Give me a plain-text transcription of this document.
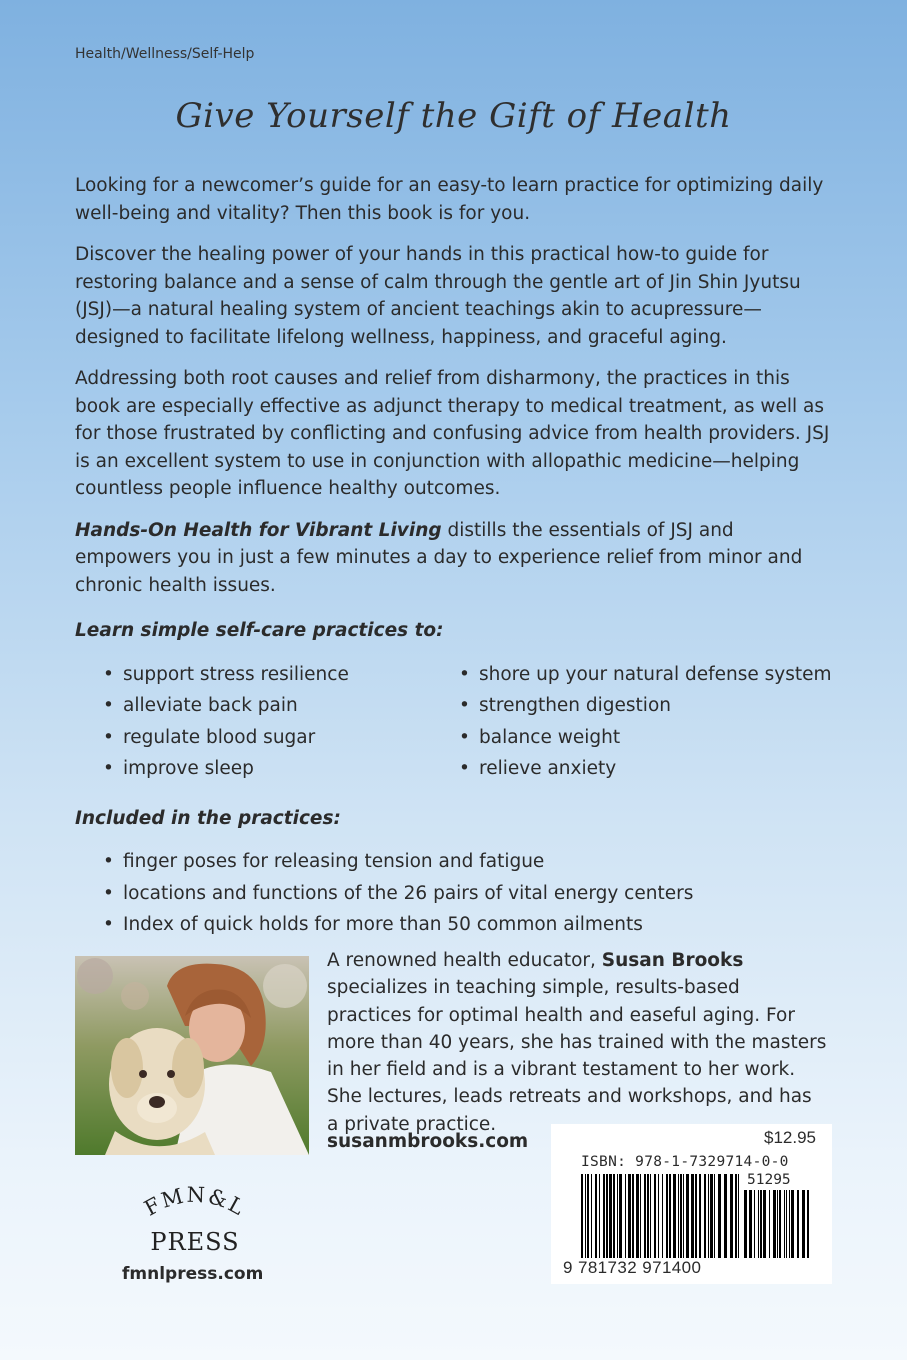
Health/Wellness/Self-Help
Give Yourself the Gift of Health

Looking for a newcomer’s guide for an easy-to learn practice for optimizing daily well-being and vitality? Then this book is for you.

Discover the healing power of your hands in this practical how-to guide for restoring balance and a sense of calm through the gentle art of Jin Shin Jyutsu (JSJ)—a natural healing system of ancient teachings akin to acupressure—designed to facilitate lifelong wellness, happiness, and graceful aging.

Addressing both root causes and relief from disharmony, the practices in this book are especially effective as adjunct therapy to medical treatment, as well as for those frustrated by conflicting and confusing advice from health providers. JSJ is an excellent system to use in conjunction with allopathic medicine—helping countless people influence healthy outcomes.

Hands-On Health for Vibrant Living distills the essentials of JSJ and empowers you in just a few minutes a day to experience relief from minor and chronic health issues.

Learn simple self-care practices to:

• support stress resilience
• alleviate back pain
• regulate blood sugar
• improve sleep
• shore up your natural defense system
• strengthen digestion
• balance weight
• relieve anxiety

Included in the practices:

• finger poses for releasing tension and fatigue
• locations and functions of the 26 pairs of vital energy centers
• Index of quick holds for more than 50 common ailments
A renowned health educator, Susan Brooks specializes in teaching simple, results-based practices for optimal health and easeful aging. For more than 40 years, she has trained with the masters in her field and is a vibrant testament to her work. She lectures, leads retreats and workshops, and has a private practice.
susanmbrooks.com
FMN&L
PRESS
fmnlpress.com
$12.95
ISBN: 978-1-7329714-0-0
51295
9 781732 971400
